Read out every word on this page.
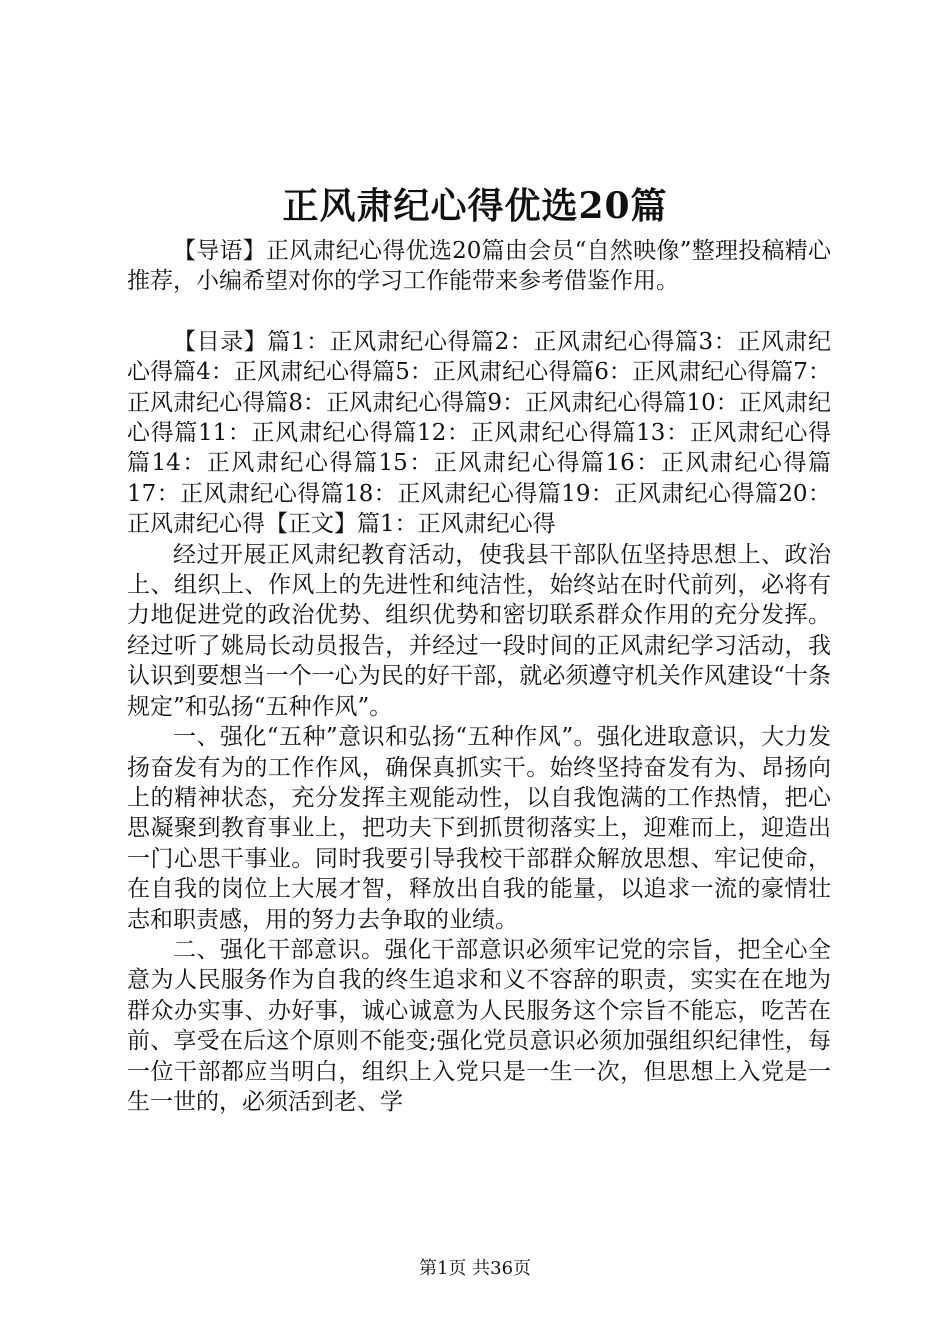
正风肃纪心得优选20篇

【导语】正风肃纪心得优选20篇由会员“自然映像”整理投稿精心推荐，小编希望对你的学习工作能带来参考借鉴作用。

【目录】篇1：正风肃纪心得篇2：正风肃纪心得篇3：正风肃纪心得篇4：正风肃纪心得篇5：正风肃纪心得篇6：正风肃纪心得篇7：正风肃纪心得篇8：正风肃纪心得篇9：正风肃纪心得篇10：正风肃纪心得篇11：正风肃纪心得篇12：正风肃纪心得篇13：正风肃纪心得篇14：正风肃纪心得篇15：正风肃纪心得篇16：正风肃纪心得篇17：正风肃纪心得篇18：正风肃纪心得篇19：正风肃纪心得篇20：正风肃纪心得【正文】篇1：正风肃纪心得

经过开展正风肃纪教育活动，使我县干部队伍坚持思想上、政治上、组织上、作风上的先进性和纯洁性，始终站在时代前列，必将有力地促进党的政治优势、组织优势和密切联系群众作用的充分发挥。经过听了姚局长动员报告，并经过一段时间的正风肃纪学习活动，我认识到要想当一个一心为民的好干部，就必须遵守机关作风建设“十条规定”和弘扬“五种作风”。

一、强化“五种”意识和弘扬“五种作风”。强化进取意识，大力发扬奋发有为的工作作风，确保真抓实干。始终坚持奋发有为、昂扬向上的精神状态，充分发挥主观能动性，以自我饱满的工作热情，把心思凝聚到教育事业上，把功夫下到抓贯彻落实上，迎难而上，迎造出一门心思干事业。同时我要引导我校干部群众解放思想、牢记使命，在自我的岗位上大展才智，释放出自我的能量，以追求一流的豪情壮志和职责感，用的努力去争取的业绩。

二、强化干部意识。强化干部意识必须牢记党的宗旨，把全心全意为人民服务作为自我的终生追求和义不容辞的职责，实实在在地为群众办实事、办好事，诚心诚意为人民服务这个宗旨不能忘，吃苦在前、享受在后这个原则不能变;强化党员意识必须加强组织纪律性，每一位干部都应当明白，组织上入党只是一生一次，但思想上入党是一生一世的，必须活到老、学

第1页 共36页
